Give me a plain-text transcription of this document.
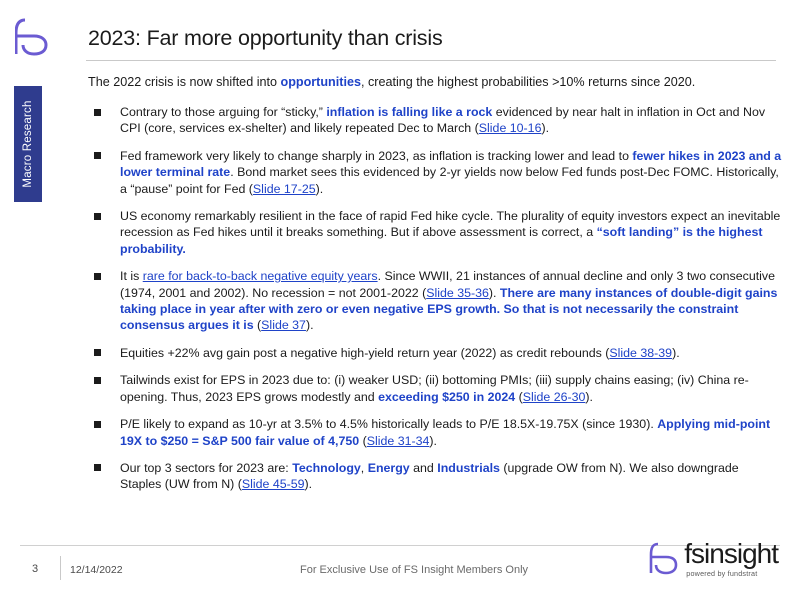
Macro Research
2023: Far more opportunity than crisis
The 2022 crisis is now shifted into opportunities, creating the highest probabilities >10% returns since 2020.
Contrary to those arguing for “sticky,” inflation is falling like a rock evidenced by near halt in inflation in Oct and Nov CPI (core, services ex-shelter) and likely repeated Dec to March (Slide 10-16).
Fed framework very likely to change sharply in 2023, as inflation is tracking lower and lead to fewer hikes in 2023 and a lower terminal rate. Bond market sees this evidenced by 2-yr yields now below Fed funds post-Dec FOMC. Historically, a “pause” point for Fed (Slide 17-25).
US economy remarkably resilient in the face of rapid Fed hike cycle. The plurality of equity investors expect an inevitable recession as Fed hikes until it breaks something. But if above assessment is correct, a “soft landing” is the highest probability.
It is rare for back-to-back negative equity years. Since WWII, 21 instances of annual decline and only 3 two consecutive (1974, 2001 and 2002). No recession = not 2001-2022 (Slide 35-36). There are many instances of double-digit gains taking place in year after with zero or even negative EPS growth. So that is not necessarily the constraint consensus argues it is (Slide 37).
Equities +22% avg gain post a negative high-yield return year (2022) as credit rebounds (Slide 38-39).
Tailwinds exist for EPS in 2023 due to: (i) weaker USD; (ii) bottoming PMIs; (iii) supply chains easing; (iv) China re-opening. Thus, 2023 EPS grows modestly and exceeding $250 in 2024 (Slide 26-30).
P/E likely to expand as 10-yr at 3.5% to 4.5% historically leads to P/E 18.5X-19.75X (since 1930). Applying mid-point 19X to $250 = S&P 500 fair value of 4,750 (Slide 31-34).
Our top 3 sectors for 2023 are: Technology, Energy and Industrials (upgrade OW from N). We also downgrade Staples (UW from N) (Slide 45-59).
3	12/14/2022	For Exclusive Use of FS Insight Members Only
fsinsight
powered by fundstrat
